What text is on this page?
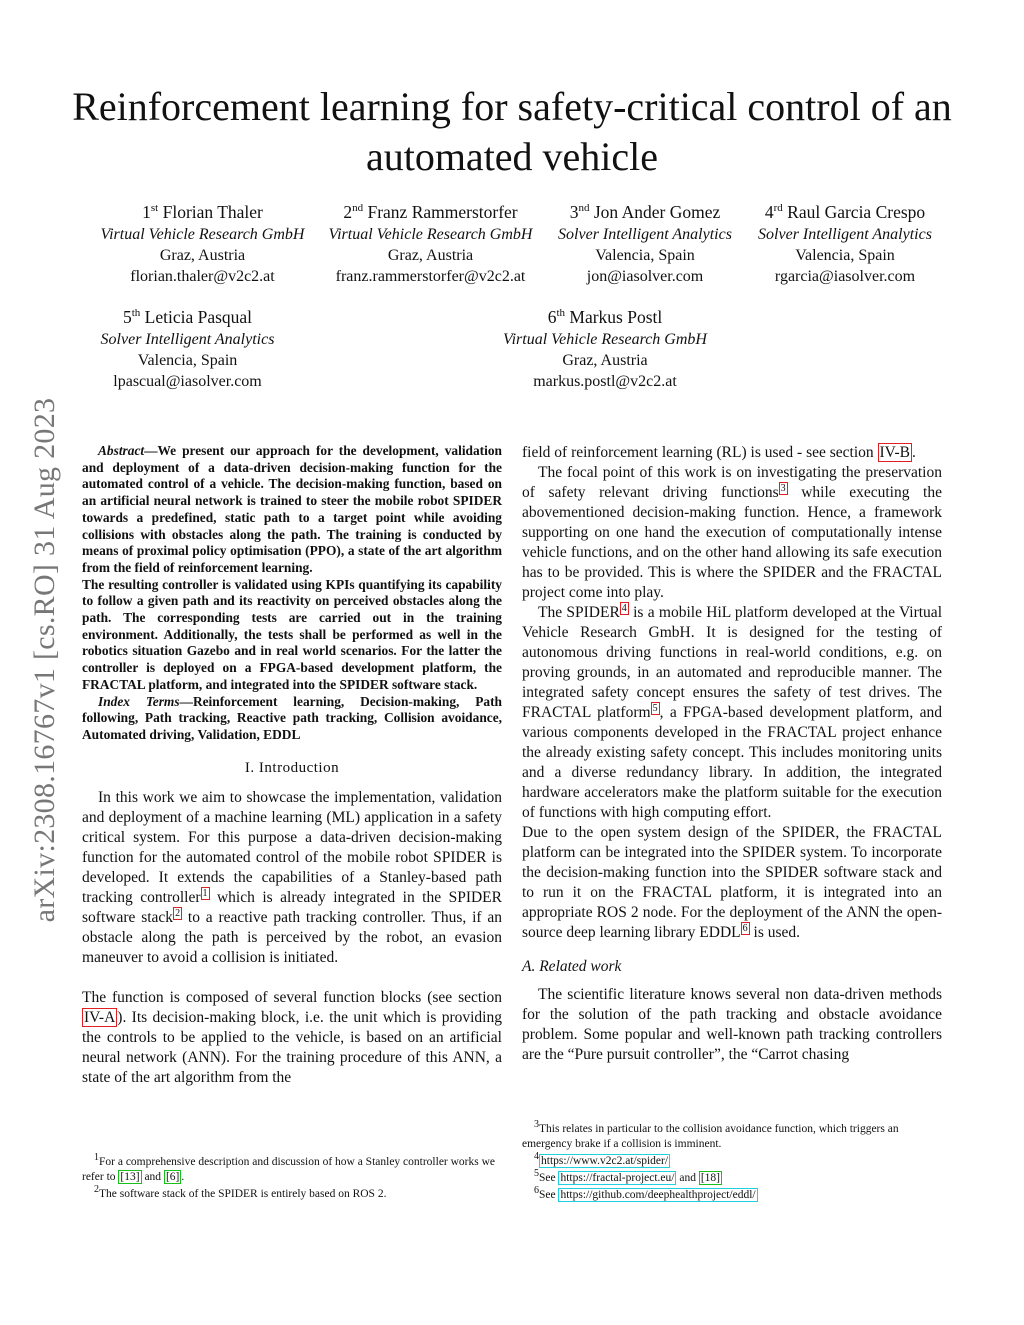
arXiv:2308.16767v1 [cs.RO] 31 Aug 2023
Reinforcement learning for safety-critical control of an automated vehicle
1st Florian Thaler
Virtual Vehicle Research GmbH
Graz, Austria
florian.thaler@v2c2.at
2nd Franz Rammerstorfer
Virtual Vehicle Research GmbH
Graz, Austria
franz.rammerstorfer@v2c2.at
3nd Jon Ander Gomez
Solver Intelligent Analytics
Valencia, Spain
jon@iasolver.com
4rd Raul Garcia Crespo
Solver Intelligent Analytics
Valencia, Spain
rgarcia@iasolver.com
5th Leticia Pasqual
Solver Intelligent Analytics
Valencia, Spain
lpascual@iasolver.com
6th Markus Postl
Virtual Vehicle Research GmbH
Graz, Austria
markus.postl@v2c2.at

Abstract—We present our approach for the development, validation and deployment of a data-driven decision-making function for the automated control of a vehicle. The decision-making function, based on an artificial neural network is trained to steer the mobile robot SPIDER towards a predefined, static path to a target point while avoiding collisions with obstacles along the path. The training is conducted by means of proximal policy optimisation (PPO), a state of the art algorithm from the field of reinforcement learning.

The resulting controller is validated using KPIs quantifying its capability to follow a given path and its reactivity on perceived obstacles along the path. The corresponding tests are carried out in the training environment. Additionally, the tests shall be performed as well in the robotics situation Gazebo and in real world scenarios. For the latter the controller is deployed on a FPGA-based development platform, the FRACTAL platform, and integrated into the SPIDER software stack.

Index Terms—Reinforcement learning, Decision-making, Path following, Path tracking, Reactive path tracking, Collision avoidance, Automated driving, Validation, EDDL

I. Introduction

In this work we aim to showcase the implementation, validation and deployment of a machine learning (ML) application in a safety critical system. For this purpose a data-driven decision-making function for the automated control of the mobile robot SPIDER is developed. It extends the capabilities of a Stanley-based path tracking controller $^1$ which is already integrated in the SPIDER software stack $^2$ to a reactive path tracking controller. Thus, if an obstacle along the path is perceived by the robot, an evasion maneuver to avoid a collision is initiated.

The function is composed of several function blocks (see section IV-A ). Its decision-making block, i.e. the unit which is providing the controls to be applied to the vehicle, is based on an artificial neural network (ANN). For the training procedure of this ANN, a state of the art algorithm from the

$^1$For a comprehensive description and discussion of how a Stanley controller works we refer to [13] and [6] .

$^2$The software stack of the SPIDER is entirely based on ROS 2.

field of reinforcement learning (RL) is used - see section IV-B .

The focal point of this work is on investigating the preservation of safety relevant driving functions $^3$ while executing the abovementioned decision-making function. Hence, a framework supporting on one hand the execution of computationally intense vehicle functions, and on the other hand allowing its safe execution has to be provided. This is where the SPIDER and the FRACTAL project come into play.

The SPIDER $^4$ is a mobile HiL platform developed at the Virtual Vehicle Research GmbH. It is designed for the testing of autonomous driving functions in real-world conditions, e.g. on proving grounds, in an automated and reproducible manner. The integrated safety concept ensures the safety of test drives. The FRACTAL platform $^5$ , a FPGA-based development platform, and various components developed in the FRACTAL project enhance the already existing safety concept. This includes monitoring units and a diverse redundancy library. In addition, the integrated hardware accelerators make the platform suitable for the execution of functions with high computing effort.

Due to the open system design of the SPIDER, the FRACTAL platform can be integrated into the SPIDER system. To incorporate the decision-making function into the SPIDER software stack and to run it on the FRACTAL platform, it is integrated into an appropriate ROS 2 node. For the deployment of the ANN the open-source deep learning library EDDL $^6$ is used.

A. Related work

The scientific literature knows several non data-driven methods for the solution of the path tracking and obstacle avoidance problem. Some popular and well-known path tracking controllers are the “Pure pursuit controller”, the “Carrot chasing

$^3$This relates in particular to the collision avoidance function, which triggers an emergency brake if a collision is imminent.

$^4$ https://www.v2c2.at/spider/

$^5$See https://fractal-project.eu/ and [18]

$^6$See https://github.com/deephealthproject/eddl/
